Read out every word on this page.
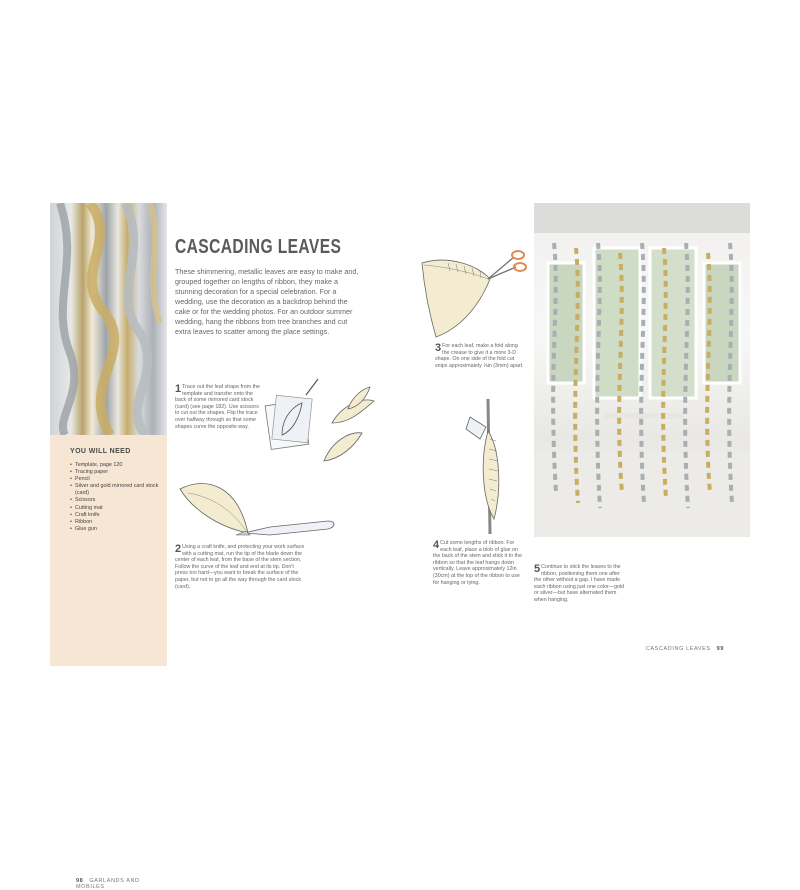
YOU WILL NEED
• Template, page 120
• Tracing paper
• Pencil
• Silver and gold mirrored card stock (card)
• Scissors
• Cutting mat
• Craft knife
• Ribbon
• Glue gun
98 GARLANDS AND MOBILES
CASCADING LEAVES
These shimmering, metallic leaves are easy to make and, grouped together on lengths of ribbon, they make a stunning decoration for a special celebration. For a wedding, use the decoration as a backdrop behind the cake or for the wedding photos. For an outdoor summer wedding, hang the ribbons from tree branches and cut extra leaves to scatter among the place settings.
1 Trace out the leaf shape from the template and transfer onto the back of some mirrored card stock (card) (see page 182). Use scissors to cut out the shapes. Flip the trace over halfway through so that some shapes curve the opposite way.
2 Using a craft knife, and protecting your work surface with a cutting mat, run the tip of the blade down the center of each leaf, from the base of the stem section. Follow the curve of the leaf and end at its tip. Don't press too hard—you want to break the surface of the paper, but not to go all the way through the card stock (card).
3 For each leaf, make a fold along the crease to give it a more 3-D shape. On one side of the fold cut snips approximately ⅛in (3mm) apart.
4 Cut some lengths of ribbon. For each leaf, place a blob of glue on the back of the stem and stick it to the ribbon so that the leaf hangs down vertically. Leave approximately 12in (30cm) at the top of the ribbon to use for hanging or tying.
5 Continue to stick the leaves to the ribbon, positioning them one after the other without a gap. I have made each ribbon using just one color—gold or silver—but have alternated them when hanging.
CASCADING LEAVES 99
